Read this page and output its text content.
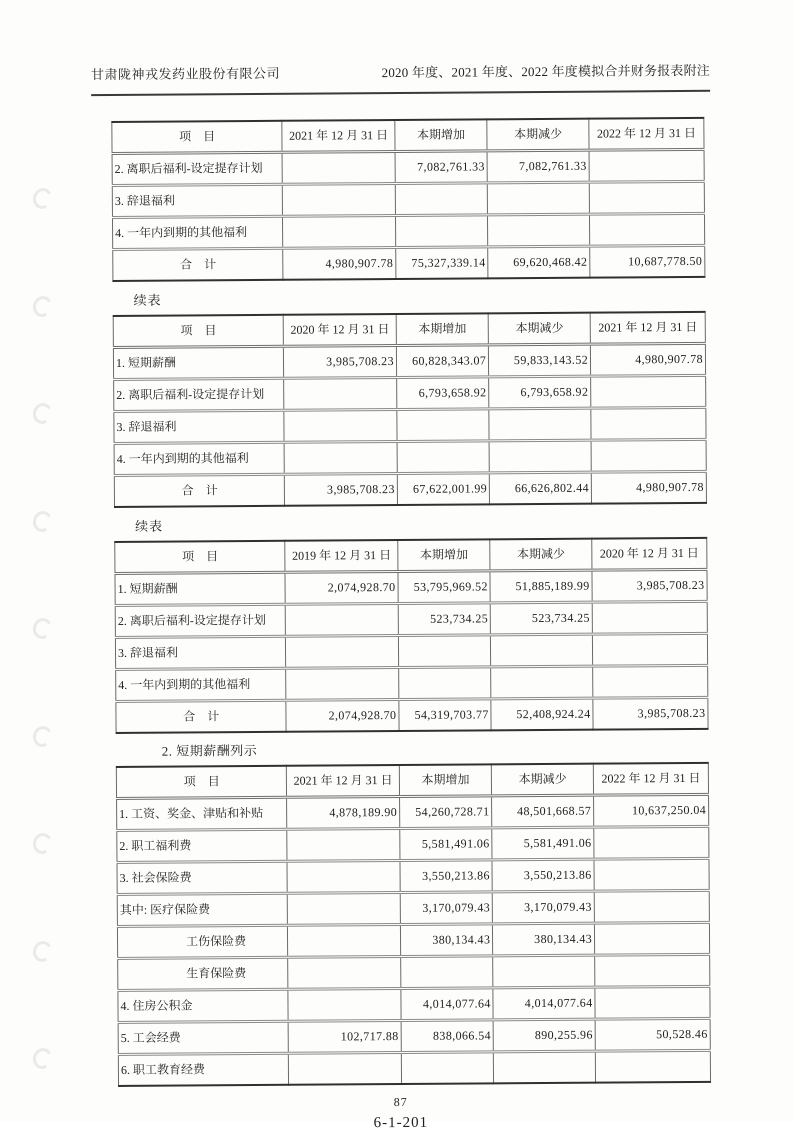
甘肃陇神戎发药业股份有限公司	2020 年度、2021 年度、2022 年度模拟合并财务报表附注
项　目	2021 年 12 月 31 日	本期增加	本期减少	2022 年 12 月 31 日
2. 离职后福利-设定提存计划		7,082,761.33	7,082,761.33	
3. 辞退福利				
4. 一年内到期的其他福利				
合　计	4,980,907.78	75,327,339.14	69,620,468.42	10,687,778.50
续表
项　目	2020 年 12 月 31 日	本期增加	本期减少	2021 年 12 月 31 日
1. 短期薪酬	3,985,708.23	60,828,343.07	59,833,143.52	4,980,907.78
2. 离职后福利-设定提存计划		6,793,658.92	6,793,658.92	
3. 辞退福利				
4. 一年内到期的其他福利				
合　计	3,985,708.23	67,622,001.99	66,626,802.44	4,980,907.78
续表
项　目	2019 年 12 月 31 日	本期增加	本期减少	2020 年 12 月 31 日
1. 短期薪酬	2,074,928.70	53,795,969.52	51,885,189.99	3,985,708.23
2. 离职后福利-设定提存计划		523,734.25	523,734.25	
3. 辞退福利				
4. 一年内到期的其他福利				
合　计	2,074,928.70	54,319,703.77	52,408,924.24	3,985,708.23
2. 短期薪酬列示
项　目	2021 年 12 月 31 日	本期增加	本期减少	2022 年 12 月 31 日
1. 工资、奖金、津贴和补贴	4,878,189.90	54,260,728.71	48,501,668.57	10,637,250.04
2. 职工福利费		5,581,491.06	5,581,491.06	
3. 社会保险费		3,550,213.86	3,550,213.86	
其中: 医疗保险费		3,170,079.43	3,170,079.43	
工伤保险费		380,134.43	380,134.43	
生育保险费				
4. 住房公积金		4,014,077.64	4,014,077.64	
5. 工会经费	102,717.88	838,066.54	890,255.96	50,528.46
6. 职工教育经费				
87
6-1-201
